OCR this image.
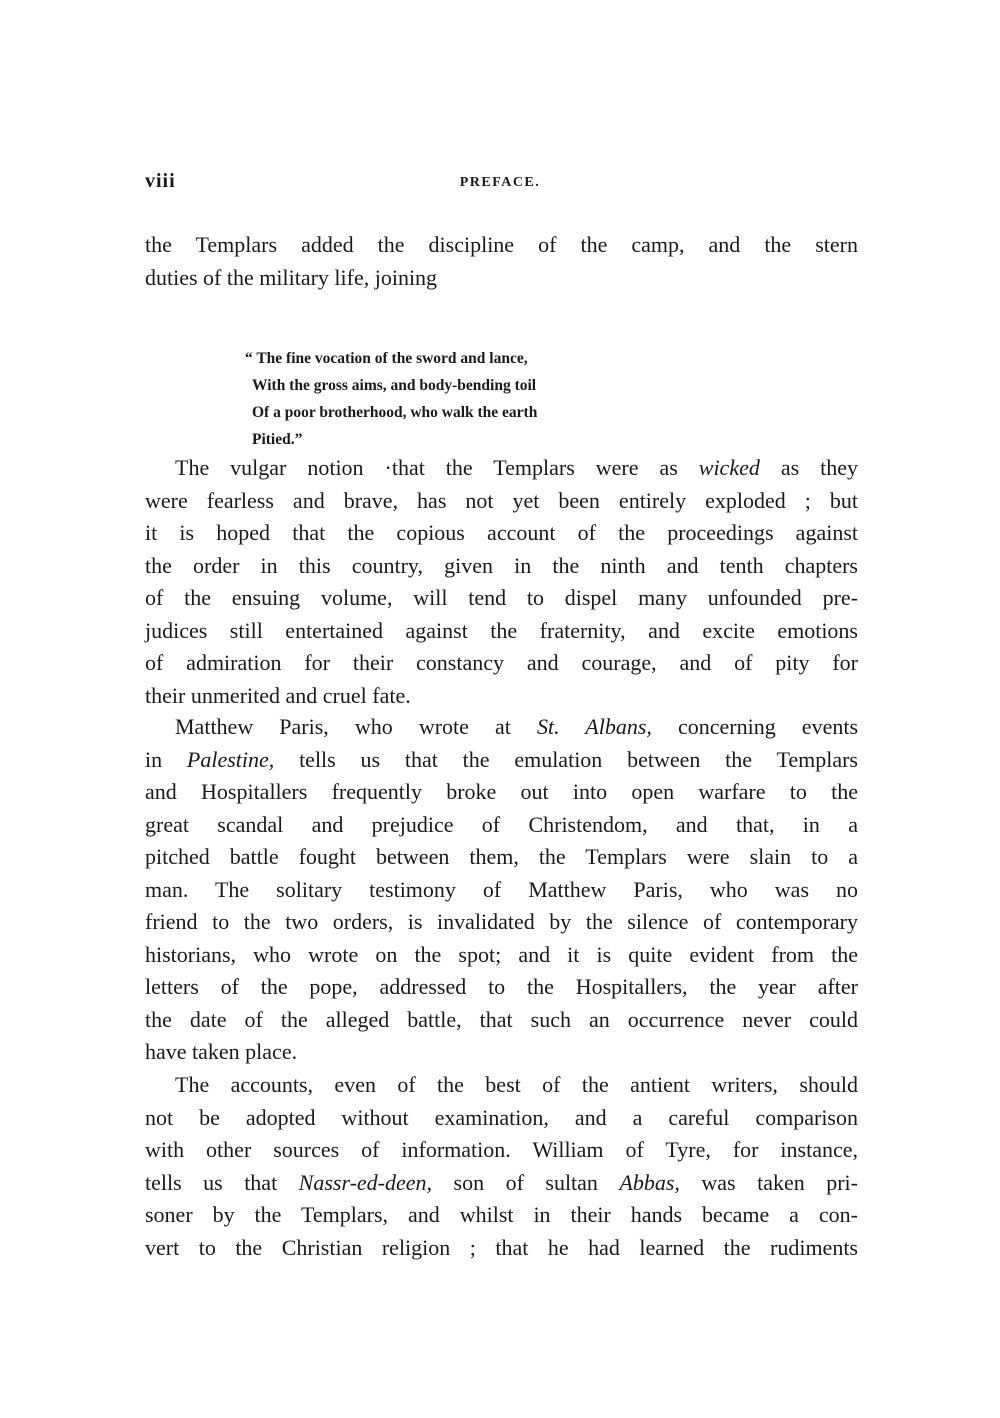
viii	PREFACE.
the Templars added the discipline of the camp, and the stern
duties of the military life, joining
“ The fine vocation of the sword and lance,
With the gross aims, and body-bending toil
Of a poor brotherhood, who walk the earth
Pitied.”
The vulgar notion ·that the Templars were as wicked as they
were fearless and brave, has not yet been entirely exploded ; but
it is hoped that the copious account of the proceedings against
the order in this country, given in the ninth and tenth chapters
of the ensuing volume, will tend to dispel many unfounded pre-
judices still entertained against the fraternity, and excite emotions
of admiration for their constancy and courage, and of pity for
their unmerited and cruel fate.
Matthew Paris, who wrote at St. Albans, concerning events
in Palestine, tells us that the emulation between the Templars
and Hospitallers frequently broke out into open warfare to the
great scandal and prejudice of Christendom, and that, in a
pitched battle fought between them, the Templars were slain to a
man. The solitary testimony of Matthew Paris, who was no
friend to the two orders, is invalidated by the silence of contemporary
historians, who wrote on the spot; and it is quite evident from the
letters of the pope, addressed to the Hospitallers, the year after
the date of the alleged battle, that such an occurrence never could
have taken place.
The accounts, even of the best of the antient writers, should
not be adopted without examination, and a careful comparison
with other sources of information. William of Tyre, for instance,
tells us that Nassr-ed-deen, son of sultan Abbas, was taken pri-
soner by the Templars, and whilst in their hands became a con-
vert to the Christian religion ; that he had learned the rudiments
